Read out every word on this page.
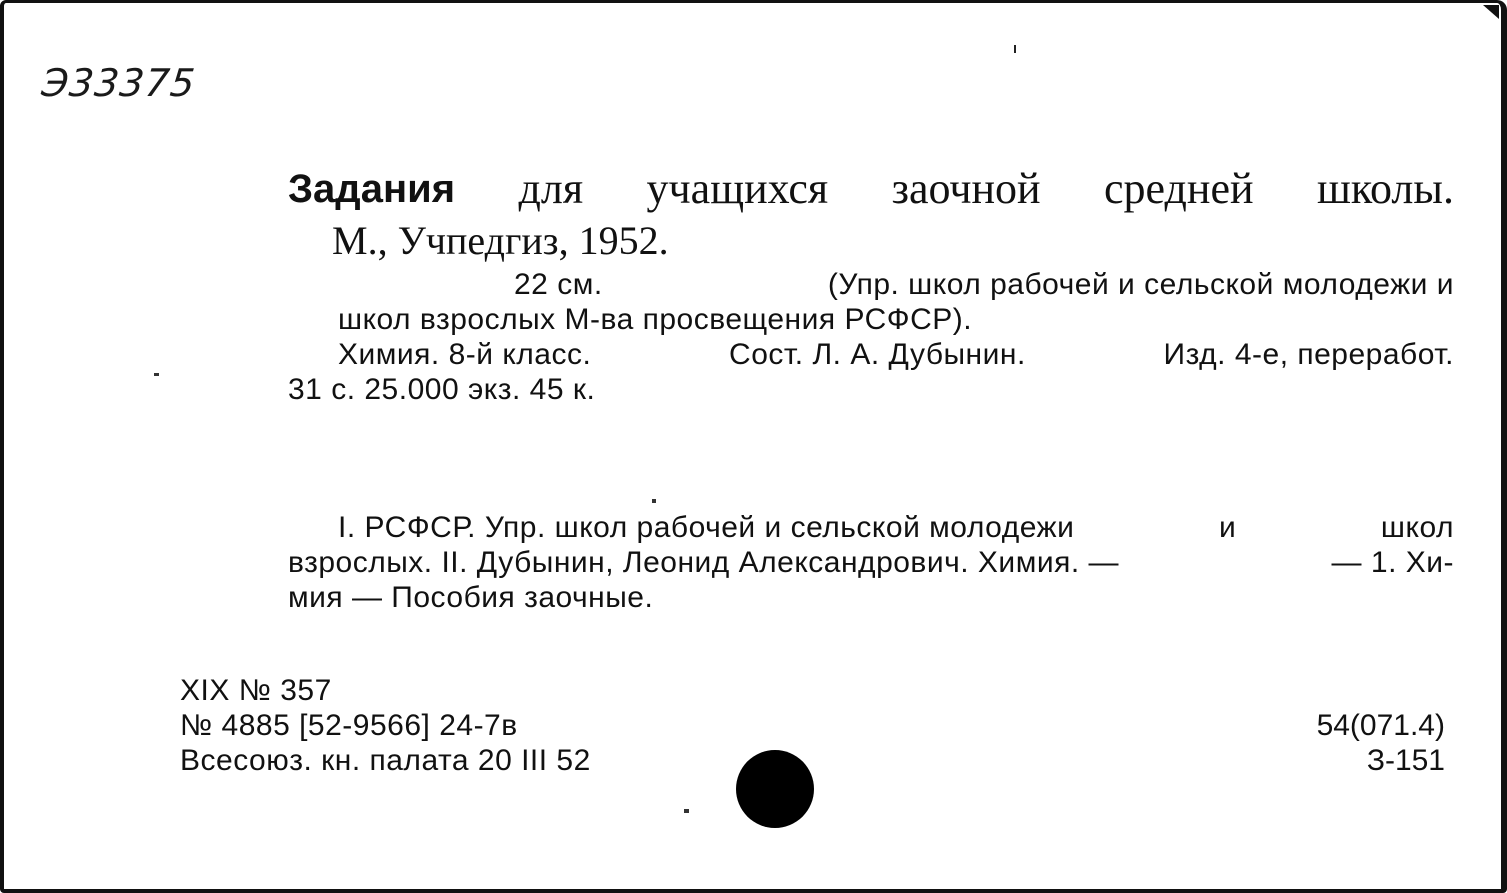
Э33375
Задания для учащихся заочной средней школы.
М., Учпедгиз, 1952.
22 см.	(Упр. школ рабочей и сельской молодежи и
школ взрослых М-ва просвещения РСФСР).
Химия. 8-й класс.	Сост. Л. А. Дубынин.	Изд. 4-е, переработ.
31 с. 25.000 экз. 45 к.
I. РСФСР. Упр. школ рабочей и сельской молодежи	и	школ
взрослых. II. Дубынин, Леонид Александрович. Химия. —	— 1. Хи-
мия — Пособия заочные.
XIX № 357
№ 4885 [52-9566] 24-7в
Всесоюз. кн. палата 20 III 52
54(071.4)
З-151
